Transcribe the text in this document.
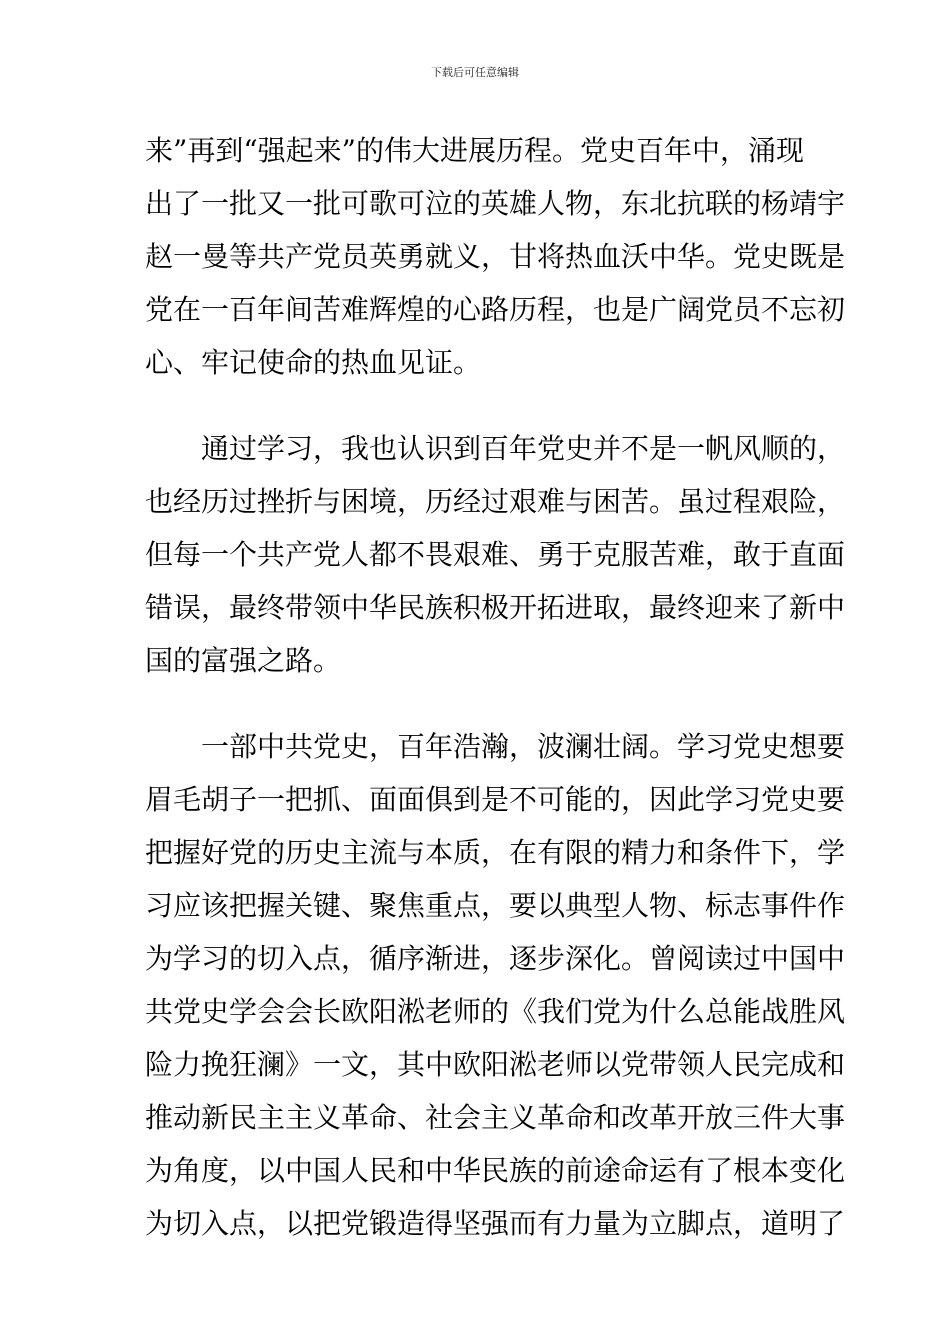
下载后可任意编辑
来”再到“强起来”的伟大进展历程。党史百年中，涌现
出了一批又一批可歌可泣的英雄人物，东北抗联的杨靖宇
赵一曼等共产党员英勇就义，甘将热血沃中华。党史既是
党在一百年间苦难辉煌的心路历程，也是广阔党员不忘初
心、牢记使命的热血见证。
　　通过学习，我也认识到百年党史并不是一帆风顺的，
也经历过挫折与困境，历经过艰难与困苦。虽过程艰险，
但每一个共产党人都不畏艰难、勇于克服苦难，敢于直面
错误，最终带领中华民族积极开拓进取，最终迎来了新中
国的富强之路。
　　一部中共党史，百年浩瀚，波澜壮阔。学习党史想要
眉毛胡子一把抓、面面俱到是不可能的，因此学习党史要
把握好党的历史主流与本质，在有限的精力和条件下，学
习应该把握关键、聚焦重点，要以典型人物、标志事件作
为学习的切入点，循序渐进，逐步深化。曾阅读过中国中
共党史学会会长欧阳淞老师的《我们党为什么总能战胜风
险力挽狂澜》一文，其中欧阳淞老师以党带领人民完成和
推动新民主主义革命、社会主义革命和改革开放三件大事
为角度，以中国人民和中华民族的前途命运有了根本变化
为切入点，以把党锻造得坚强而有力量为立脚点，道明了
